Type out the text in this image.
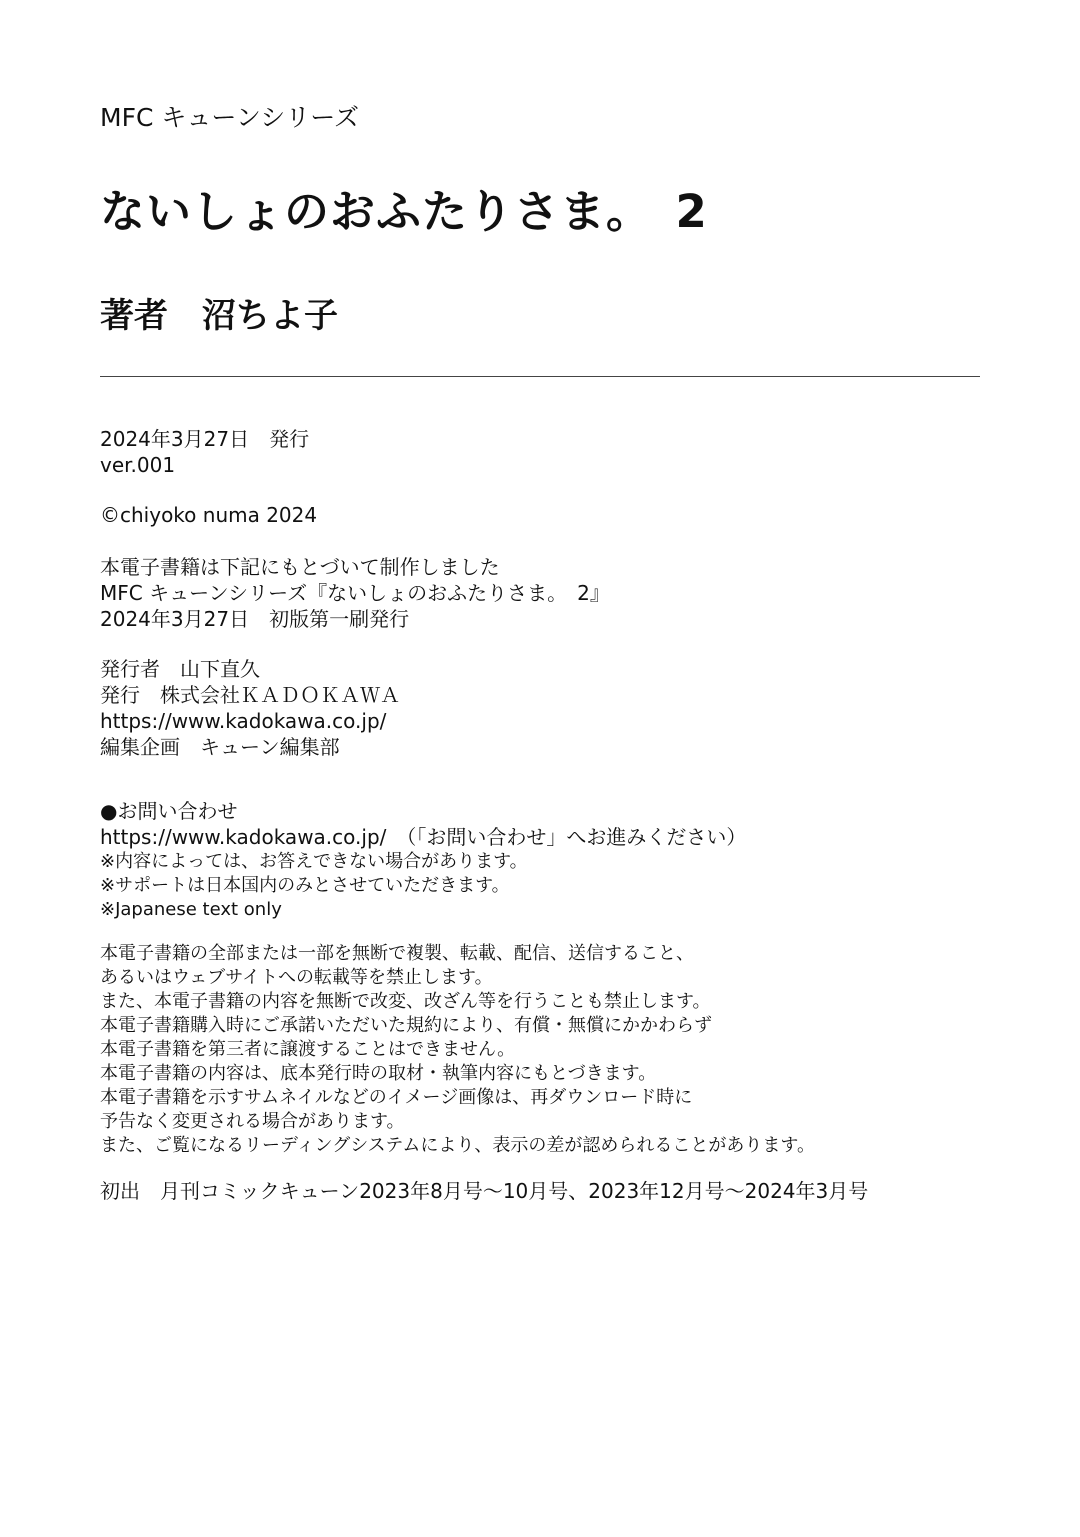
MFC キューンシリーズ
ないしょのおふたりさま。　2
著者　沼ちよ子
2024年3月27日　発行
ver.001
©chiyoko numa 2024
本電子書籍は下記にもとづいて制作しました
MFC キューンシリーズ『ないしょのおふたりさま。　2』
2024年3月27日　初版第一刷発行
発行者　山下直久
発行　株式会社ＫＡＤＯＫＡＷＡ
https://www.kadokawa.co.jp/
編集企画　キューン編集部
●お問い合わせ
https://www.kadokawa.co.jp/　（「お問い合わせ」へお進みください）
※内容によっては、お答えできない場合があります。
※サポートは日本国内のみとさせていただきます。
※Japanese text only
本電子書籍の全部または一部を無断で複製、転載、配信、送信すること、
あるいはウェブサイトへの転載等を禁止します。
また、本電子書籍の内容を無断で改変、改ざん等を行うことも禁止します。
本電子書籍購入時にご承諾いただいた規約により、有償・無償にかかわらず
本電子書籍を第三者に譲渡することはできません。
本電子書籍の内容は、底本発行時の取材・執筆内容にもとづきます。
本電子書籍を示すサムネイルなどのイメージ画像は、再ダウンロード時に
予告なく変更される場合があります。
また、ご覧になるリーディングシステムにより、表示の差が認められることがあります。
初出　月刊コミックキューン2023年8月号～10月号、2023年12月号～2024年3月号
